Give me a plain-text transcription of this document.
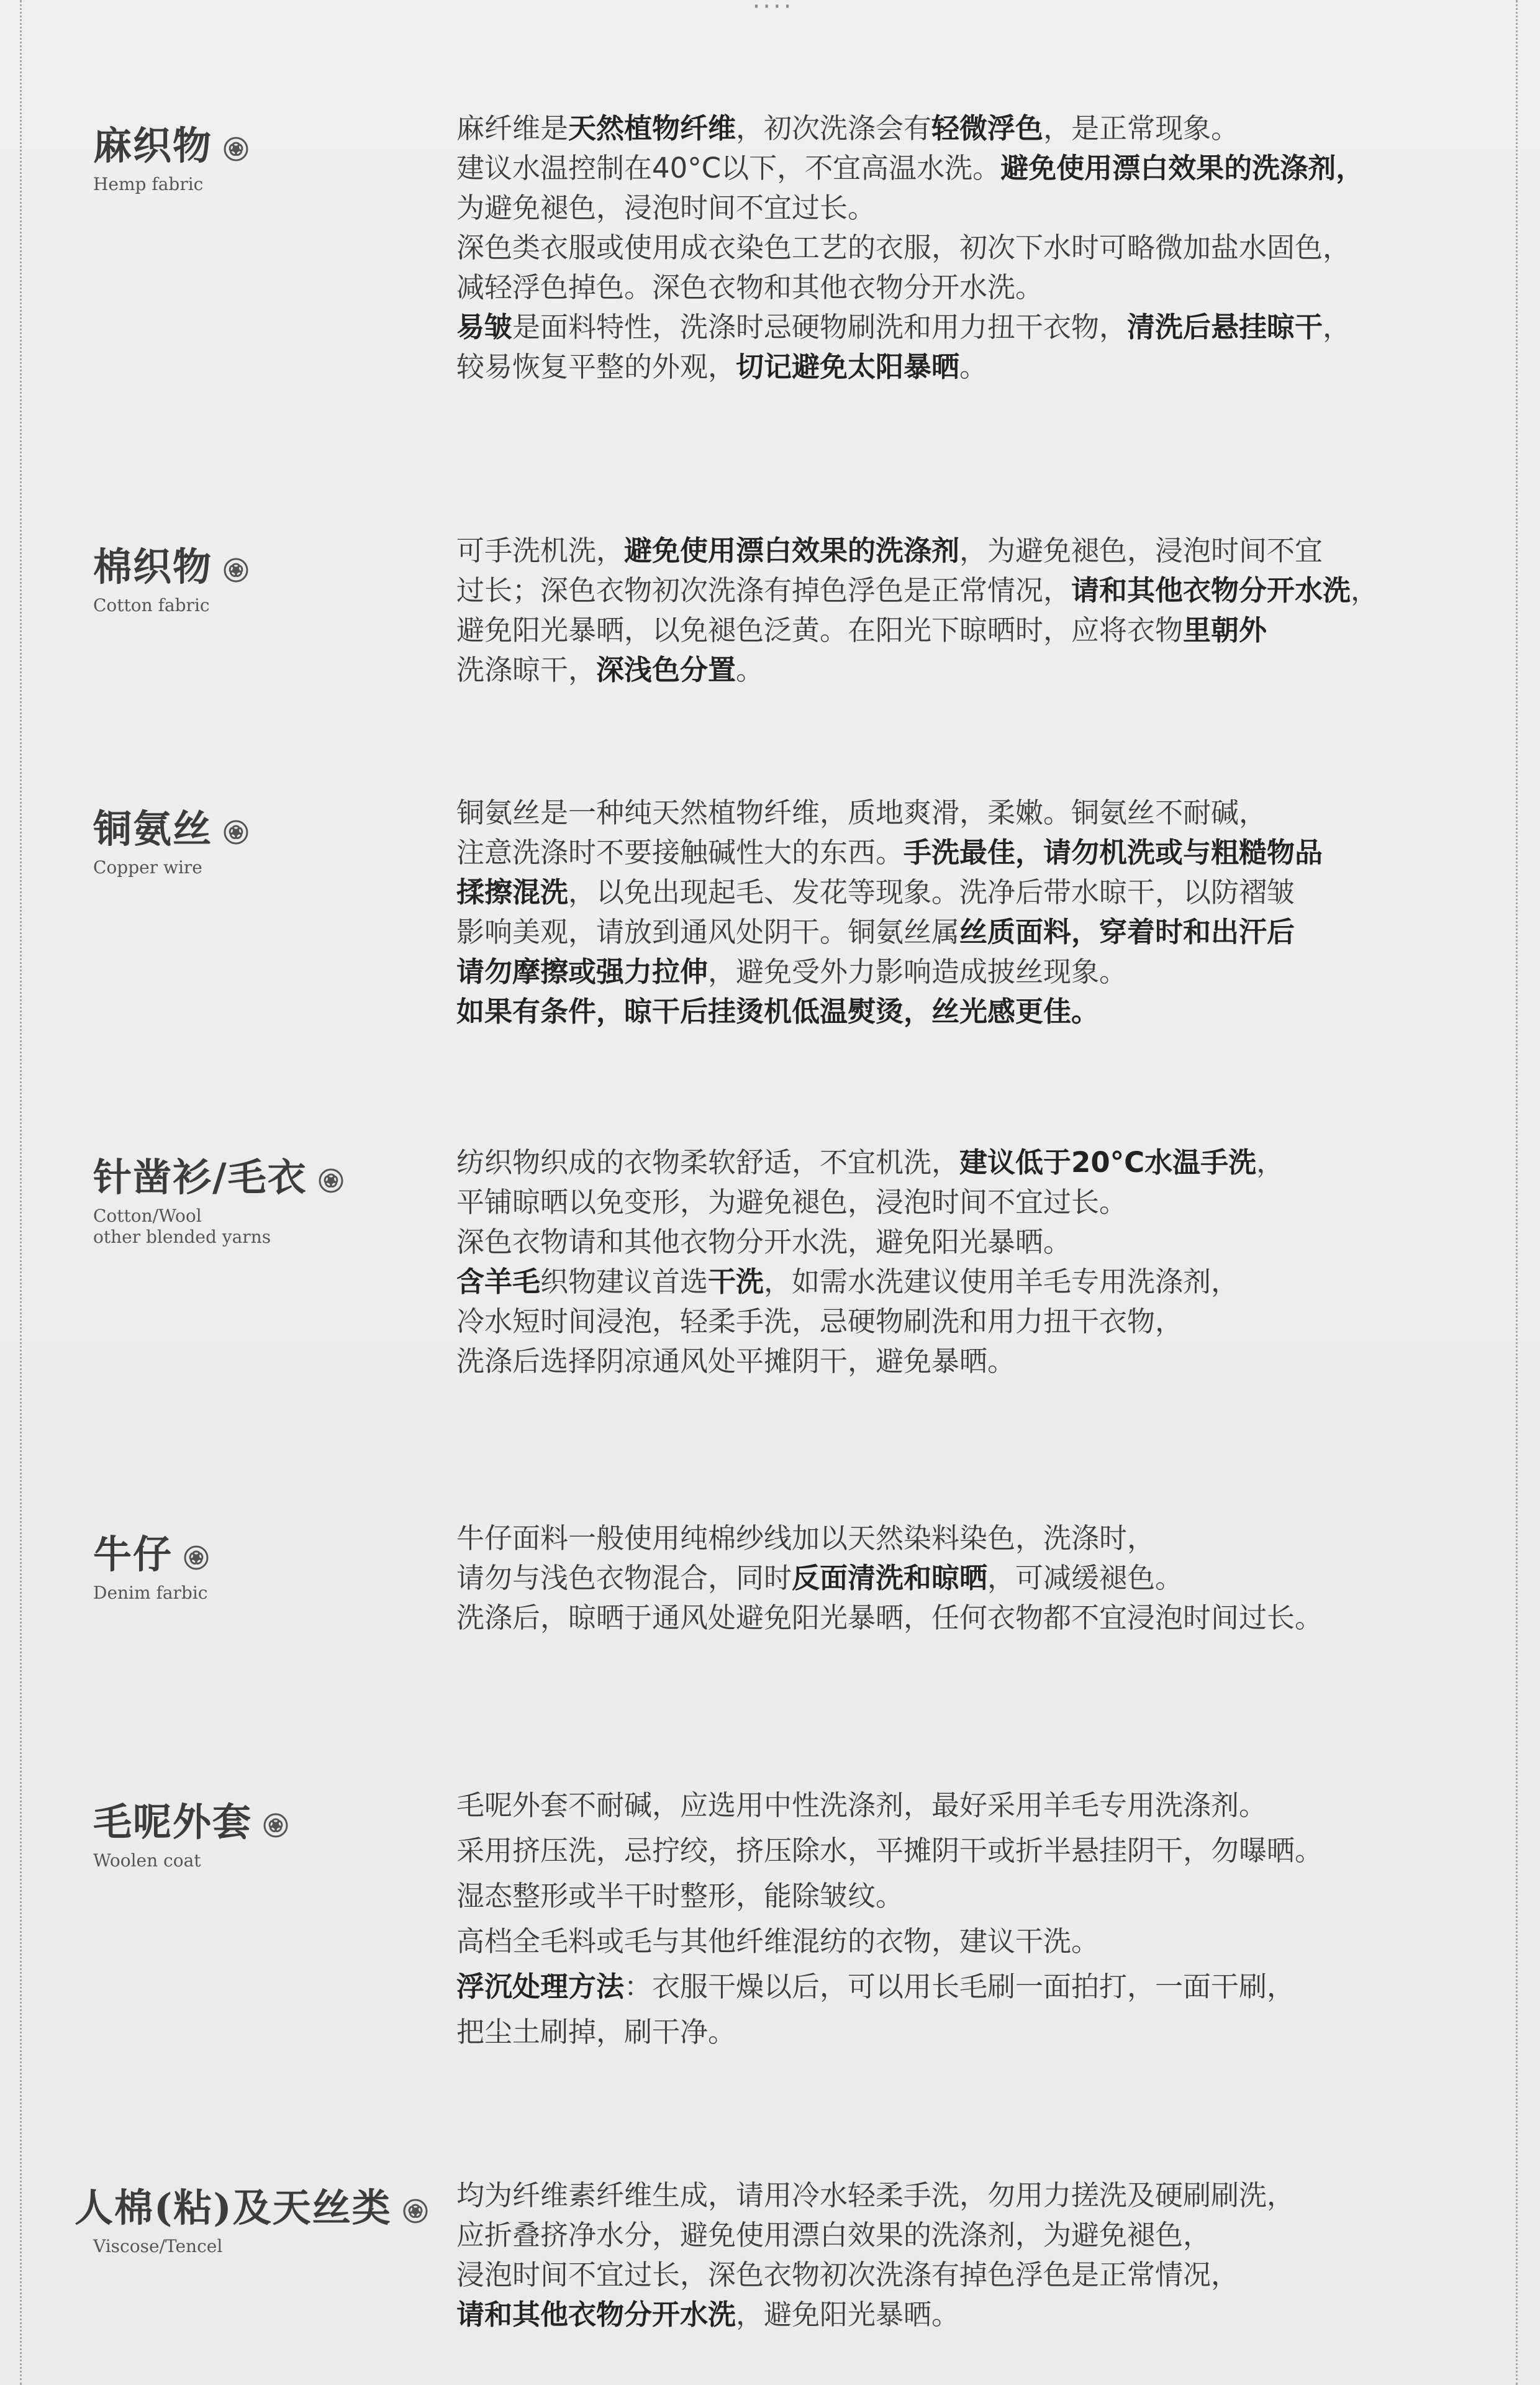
····
麻织物
Hemp fabric
麻纤维是天然植物纤维，初次洗涤会有轻微浮色，是正常现象。
建议水温控制在40°C以下，不宜高温水洗。避免使用漂白效果的洗涤剂，
为避免褪色，浸泡时间不宜过长。
深色类衣服或使用成衣染色工艺的衣服，初次下水时可略微加盐水固色，
减轻浮色掉色。深色衣物和其他衣物分开水洗。
易皱是面料特性，洗涤时忌硬物刷洗和用力扭干衣物，清洗后悬挂晾干，
较易恢复平整的外观，切记避免太阳暴晒。
棉织物
Cotton fabric
可手洗机洗，避免使用漂白效果的洗涤剂，为避免褪色，浸泡时间不宜
过长；深色衣物初次洗涤有掉色浮色是正常情况，请和其他衣物分开水洗，
避免阳光暴晒，以免褪色泛黄。在阳光下晾晒时，应将衣物里朝外
洗涤晾干，深浅色分置。
铜氨丝
Copper wire
铜氨丝是一种纯天然植物纤维，质地爽滑，柔嫩。铜氨丝不耐碱，
注意洗涤时不要接触碱性大的东西。手洗最佳，请勿机洗或与粗糙物品
揉擦混洗，以免出现起毛、发花等现象。洗净后带水晾干，以防褶皱
影响美观，请放到通风处阴干。铜氨丝属丝质面料，穿着时和出汗后
请勿摩擦或强力拉伸，避免受外力影响造成披丝现象。
如果有条件，晾干后挂烫机低温熨烫，丝光感更佳。
针凿衫/毛衣
Cotton/Wool
other blended yarns
纺织物织成的衣物柔软舒适，不宜机洗，建议低于20°C水温手洗，
平铺晾晒以免变形，为避免褪色，浸泡时间不宜过长。
深色衣物请和其他衣物分开水洗，避免阳光暴晒。
含羊毛织物建议首选干洗，如需水洗建议使用羊毛专用洗涤剂，
冷水短时间浸泡，轻柔手洗，忌硬物刷洗和用力扭干衣物，
洗涤后选择阴凉通风处平摊阴干，避免暴晒。
牛仔
Denim farbic
牛仔面料一般使用纯棉纱线加以天然染料染色，洗涤时，
请勿与浅色衣物混合，同时反面清洗和晾晒，可减缓褪色。
洗涤后，晾晒于通风处避免阳光暴晒，任何衣物都不宜浸泡时间过长。
毛呢外套
Woolen coat
毛呢外套不耐碱，应选用中性洗涤剂，最好采用羊毛专用洗涤剂。
采用挤压洗，忌拧绞，挤压除水，平摊阴干或折半悬挂阴干，勿曝晒。
湿态整形或半干时整形，能除皱纹。
高档全毛料或毛与其他纤维混纺的衣物，建议干洗。
浮沉处理方法：衣服干燥以后，可以用长毛刷一面拍打，一面干刷，
把尘土刷掉，刷干净。
人棉(粘)及天丝类
Viscose/Tencel
均为纤维素纤维生成，请用冷水轻柔手洗，勿用力搓洗及硬刷刷洗，
应折叠挤净水分，避免使用漂白效果的洗涤剂，为避免褪色，
浸泡时间不宜过长，深色衣物初次洗涤有掉色浮色是正常情况，
请和其他衣物分开水洗，避免阳光暴晒。
